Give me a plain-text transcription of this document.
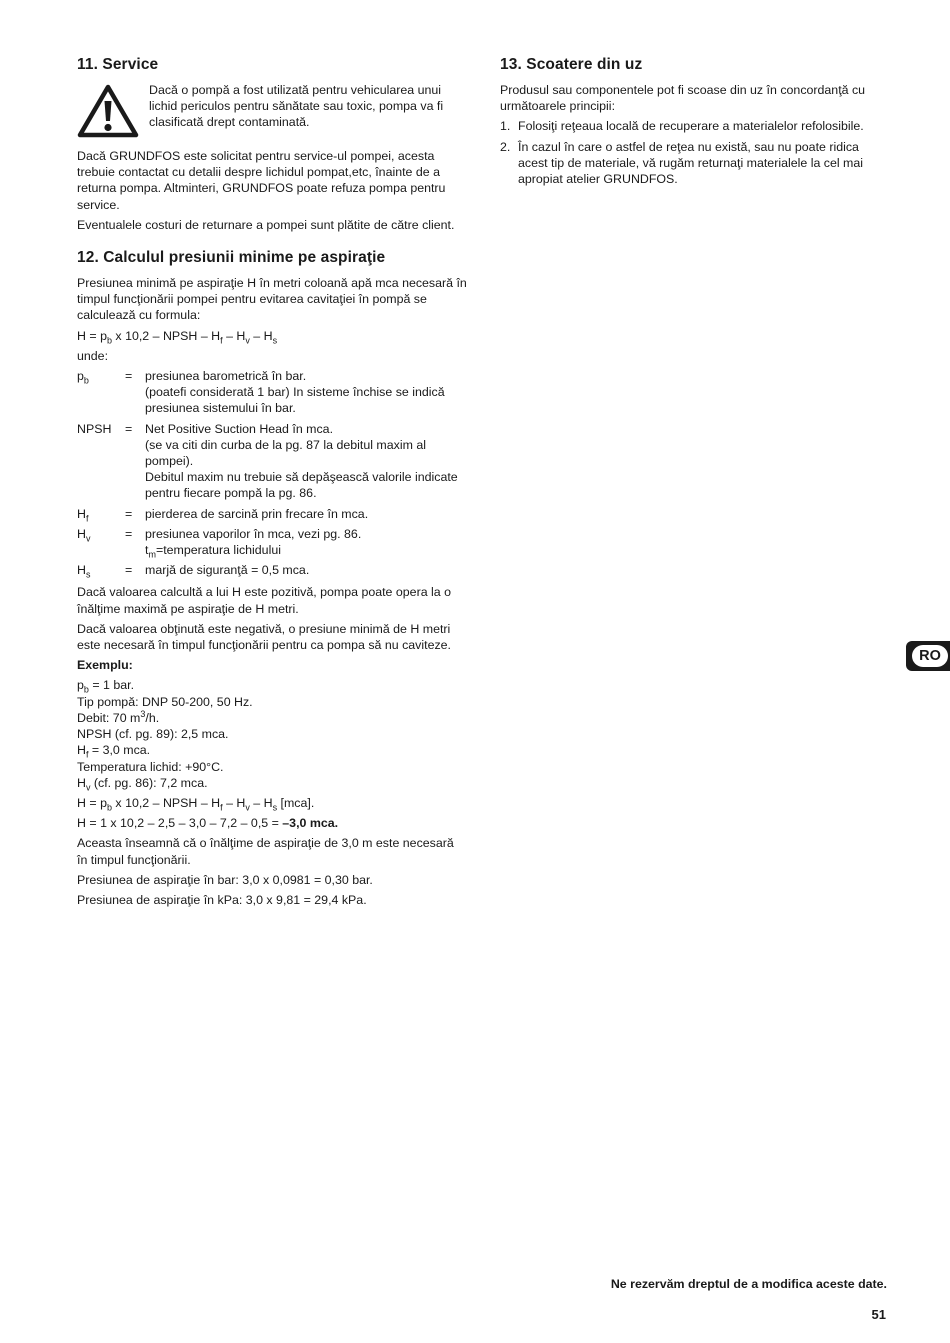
11. Service

Dacă o pompă a fost utilizată pentru vehicularea unui lichid periculos pentru sănătate sau toxic, pompa va fi clasificată drept contaminată.

Dacă GRUNDFOS este solicitat pentru service-ul pompei, acesta trebuie contactat cu detalii despre lichidul pompat,etc, înainte de a returna pompa. Altminteri, GRUNDFOS poate refuza pompa pentru service.

Eventualele costuri de returnare a pompei sunt plătite de către client.

12. Calculul presiunii minime pe aspiraţie

Presiunea minimă pe aspiraţie H în metri coloană apă mca necesară în timpul funcţionării pompei pentru evitarea cavitaţiei în pompă se calculează cu formula:

$H = p_b$ x 10,2 – NPSH – $H_f - H_v - H_s$

unde:

$p_b$	=	presiunea barometrică în bar.
(poatefi considerată 1 bar) In sisteme închise se indică presiunea sistemului în bar.
NPSH	=	Net Positive Suction Head în mca.
(se va citi din curba de la pg. 87 la debitul maxim al pompei).
Debitul maxim nu trebuie să depăşească valorile indicate pentru fiecare pompă la pg. 86.
$H_f$	=	pierderea de sarcină prin frecare în mca.
$H_v$	=	presiunea vaporilor în mca, vezi pg. 86.
$t_m=temperatura$ lichidului
$H_s$	=	marjă de siguranţă = 0,5 mca.

Dacă valoarea calcultă a lui H este pozitivă, pompa poate opera la o înălţime maximă pe aspiraţie de H metri.

Dacă valoarea obţinută este negativă, o presiune minimă de H metri este necesară în timpul funcţionării pentru ca pompa să nu caviteze.

Exemplu:

$p_b = 1$ bar.
Tip pompă: DNP 50-200, 50 Hz.
Debit: 70 $m^3/h$.
NPSH (cf. pg. 89): 2,5 mca.
$H_f = 3,0$ mca.
Temperatura lichid: +90°C.
$H_v$ (cf. pg. 86): 7,2 mca.

$H = p_b$ x 10,2 – NPSH – $H_f - H_v - H_s$ [mca].

H = 1 x 10,2 – 2,5 – 3,0 – 7,2 – 0,5 = –3,0 mca.

Aceasta înseamnă că o înălţime de aspiraţie de 3,0 m este necesară în timpul funcţionării.

Presiunea de aspiraţie în bar: 3,0 x 0,0981 = 0,30 bar.

Presiunea de aspiraţie în kPa: 3,0 x 9,81 = 29,4 kPa.

13. Scoatere din uz

Produsul sau componentele pot fi scoase din uz în concordanţă cu următoarele principii:

1. Folosiţi reţeaua locală de recuperare a materialelor refolosibile.
2. În cazul în care o astfel de reţea nu există, sau nu poate ridica acest tip de materiale, vă rugăm returnaţi materialele la cel mai apropiat atelier GRUNDFOS.
RO
Ne rezervăm dreptul de a modifica aceste date.
51
